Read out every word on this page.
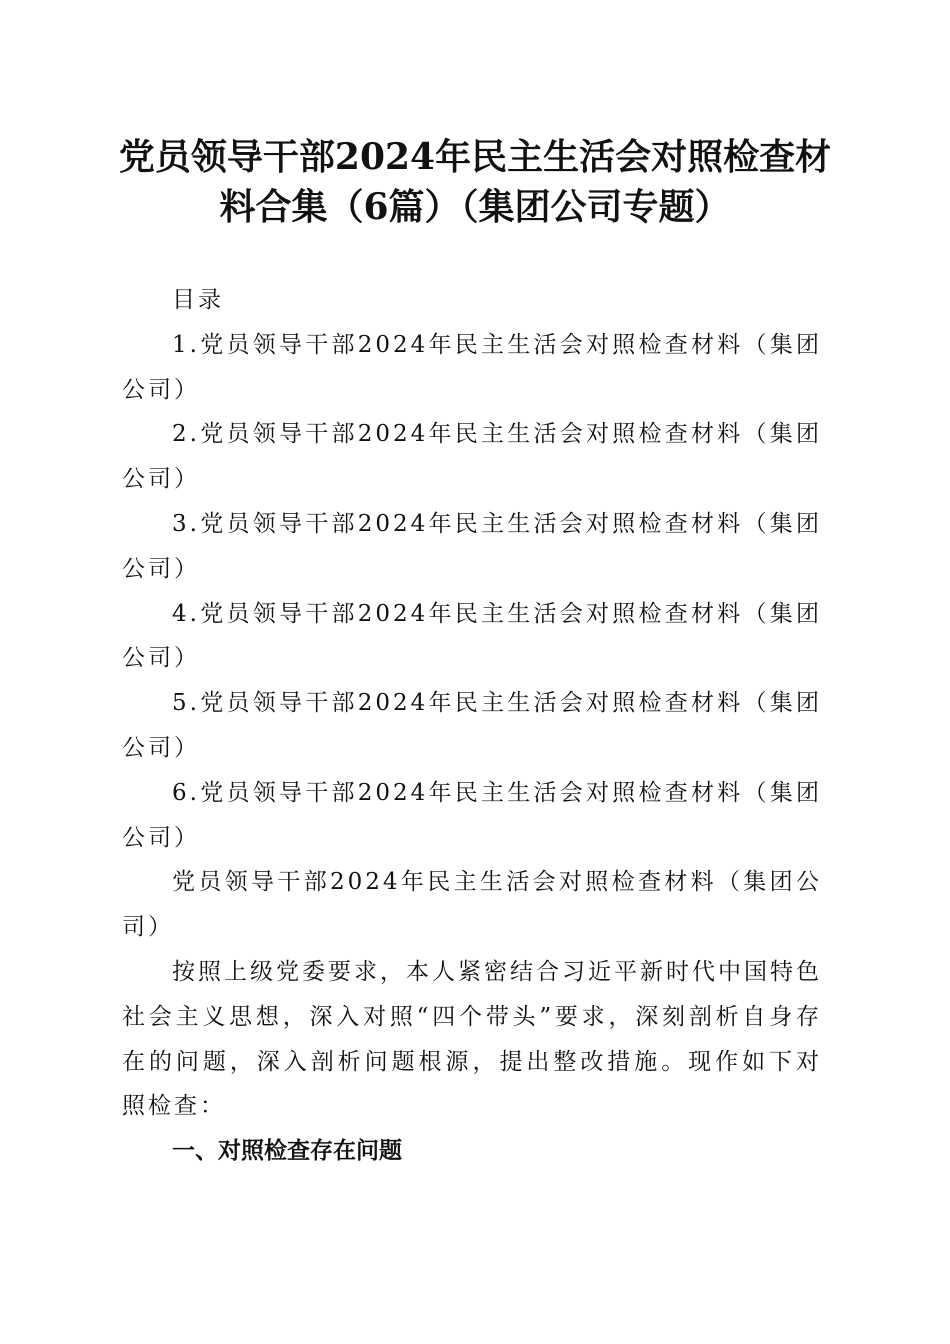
党员领导干部2024年民主生活会对照检查材料合集（6篇）（集团公司专题）

目录

1.党员领导干部2024年民主生活会对照检查材料（集团公司）

2.党员领导干部2024年民主生活会对照检查材料（集团公司）

3.党员领导干部2024年民主生活会对照检查材料（集团公司）

4.党员领导干部2024年民主生活会对照检查材料（集团公司）

5.党员领导干部2024年民主生活会对照检查材料（集团公司）

6.党员领导干部2024年民主生活会对照检查材料（集团公司）

党员领导干部2024年民主生活会对照检查材料（集团公司）

按照上级党委要求，本人紧密结合习近平新时代中国特色社会主义思想，深入对照“四个带头”要求，深刻剖析自身存在的问题，深入剖析问题根源，提出整改措施。现作如下对照检查：

一、对照检查存在问题
